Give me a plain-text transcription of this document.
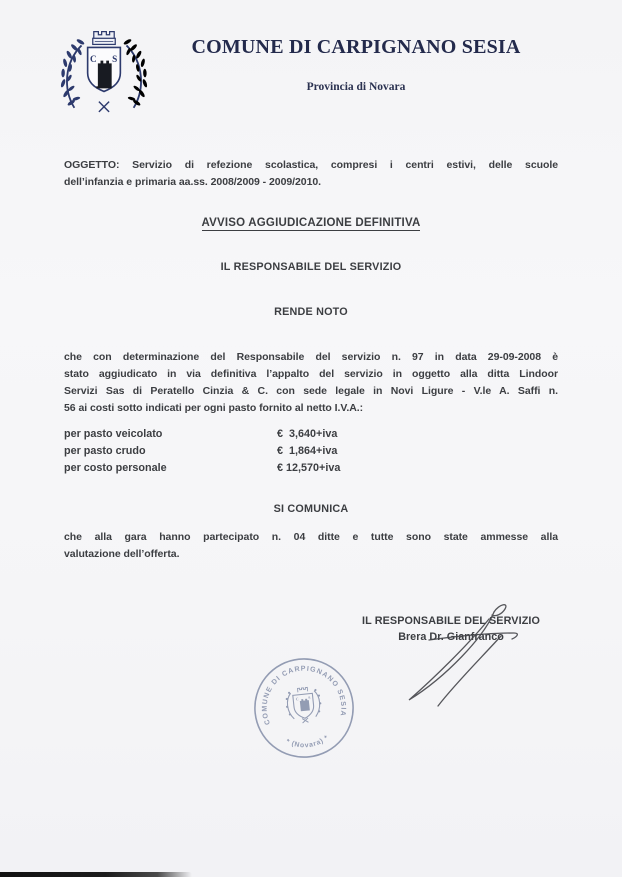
C S
COMUNE DI CARPIGNANO SESIA
Provincia di Novara
OGGETTO: Servizio di refezione scolastica, compresi i centri estivi, delle scuole
dell’infanzia e primaria aa.ss. 2008/2009 - 2009/2010.
AVVISO AGGIUDICAZIONE DEFINITIVA
IL RESPONSABILE DEL SERVIZIO
RENDE NOTO
che con determinazione del Responsabile del servizio n. 97 in data 29-09-2008 è
stato aggiudicato in via definitiva l’appalto del servizio in oggetto alla ditta Lindoor
Servizi Sas di Peratello Cinzia & C. con sede legale in Novi Ligure - V.le A. Saffi n.
56 ai costi sotto indicati per ogni pasto fornito al netto I.V.A.:
per pasto veicolato	€  3,640+iva
per pasto crudo	€  1,864+iva
per costo personale	€ 12,570+iva
SI COMUNICA
che alla gara hanno partecipato n. 04 ditte e tutte sono state ammesse alla
valutazione dell’offerta.
IL RESPONSABILE DEL SERVIZIO
Brera Dr. Gianfranco
C S
COMUNE DI CARPIGNANO SESIA
* (Novara) *
